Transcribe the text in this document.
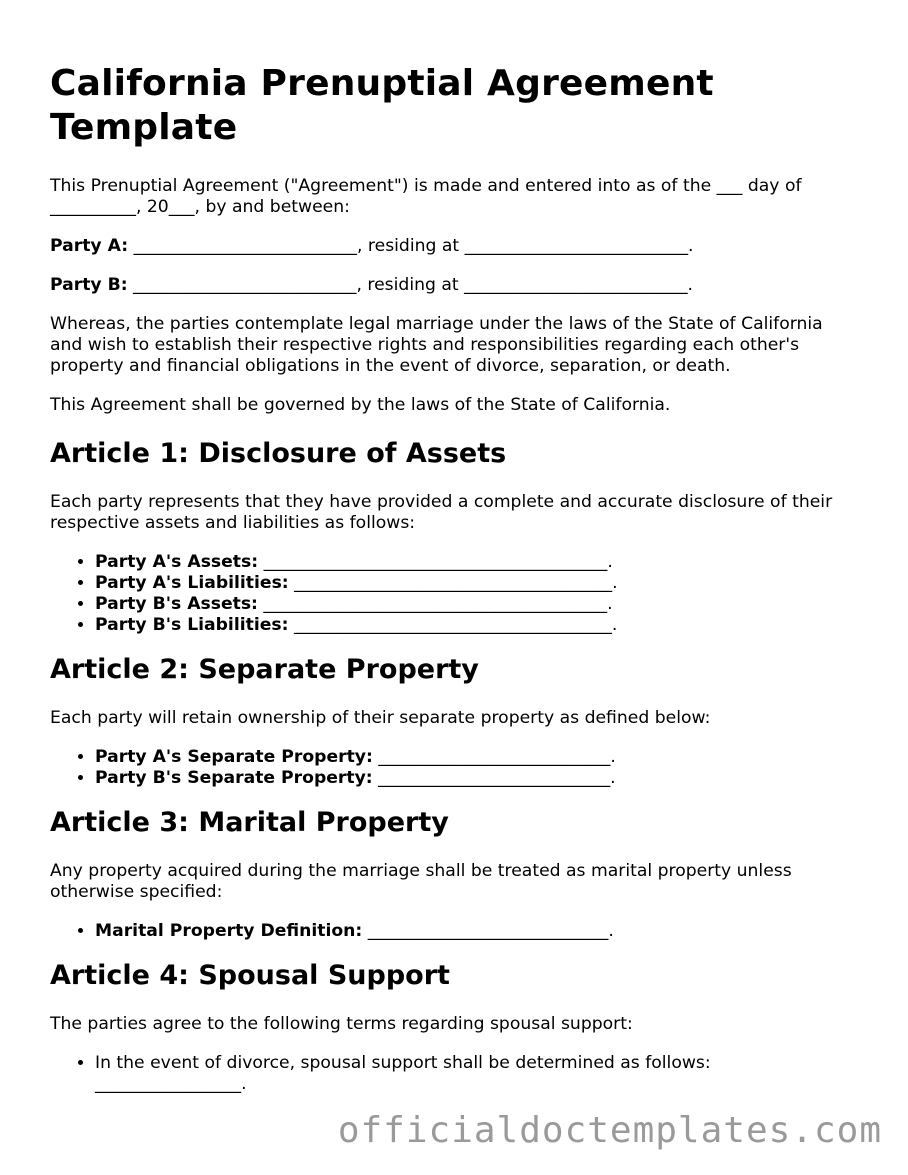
California Prenuptial Agreement Template

This Prenuptial Agreement ("Agreement") is made and entered into as of the ___ day of __________, 20___, by and between:

Party A: __________________________, residing at __________________________.

Party B: __________________________, residing at __________________________.

Whereas, the parties contemplate legal marriage under the laws of the State of California and wish to establish their respective rights and responsibilities regarding each other's property and financial obligations in the event of divorce, separation, or death.

This Agreement shall be governed by the laws of the State of California.

Article 1: Disclosure of Assets

Each party represents that they have provided a complete and accurate disclosure of their respective assets and liabilities as follows:

• Party A's Assets: ________________________________________.
• Party A's Liabilities: _____________________________________.
• Party B's Assets: ________________________________________.
• Party B's Liabilities: _____________________________________.
Article 2: Separate Property

Each party will retain ownership of their separate property as defined below:

• Party A's Separate Property: ___________________________.
• Party B's Separate Property: ___________________________.
Article 3: Marital Property

Any property acquired during the marriage shall be treated as marital property unless otherwise specified:

• Marital Property Definition: ____________________________.
Article 4: Spousal Support

The parties agree to the following terms regarding spousal support:

• In the event of divorce, spousal support shall be determined as follows: _________________.
officialdoctemplates.com
